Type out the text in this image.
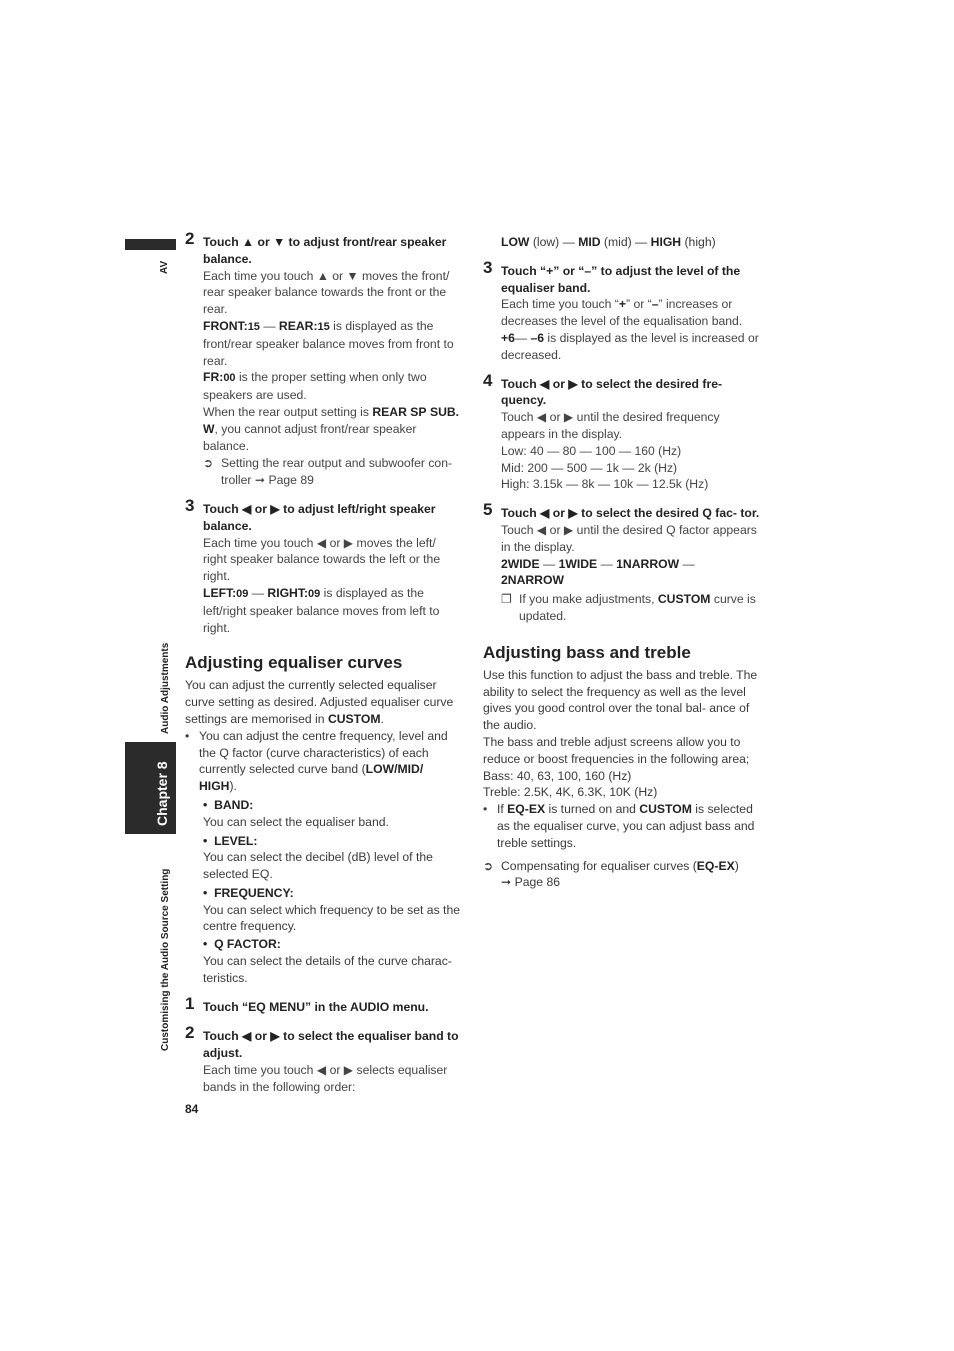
AV
Audio Adjustments
Chapter 8
Customising the Audio Source Setting
2 Touch ▲ or ▼ to adjust front/rear speaker balance.
Each time you touch ▲ or ▼ moves the front/ rear speaker balance towards the front or the rear.
FRONT:15 — REAR:15 is displayed as the front/rear speaker balance moves from front to rear.
FR:00 is the proper setting when only two speakers are used.
When the rear output setting is REAR SP SUB. W, you cannot adjust front/rear speaker balance.
➲ Setting the rear output and subwoofer con- troller ➞ Page 89
3 Touch ◀ or ▶ to adjust left/right speaker balance.
Each time you touch ◀ or ▶ moves the left/ right speaker balance towards the left or the right.
LEFT:09 — RIGHT:09 is displayed as the left/right speaker balance moves from left to right.
Adjusting equaliser curves
You can adjust the currently selected equaliser curve setting as desired. Adjusted equaliser curve settings are memorised in CUSTOM.
• You can adjust the centre frequency, level and the Q factor (curve characteristics) of each currently selected curve band (LOW/MID/ HIGH).
• BAND:
You can select the equaliser band.
• LEVEL:
You can select the decibel (dB) level of the selected EQ.
• FREQUENCY:
You can select which frequency to be set as the centre frequency.
• Q FACTOR:
You can select the details of the curve charac- teristics.
1 Touch “EQ MENU” in the AUDIO menu.
2 Touch ◀ or ▶ to select the equaliser band to adjust.
Each time you touch ◀ or ▶ selects equaliser bands in the following order:
LOW (low) — MID (mid) — HIGH (high)
3 Touch “+” or “–” to adjust the level of the equaliser band.
Each time you touch “+” or “–” increases or decreases the level of the equalisation band.
+6— –6 is displayed as the level is increased or decreased.
4 Touch ◀ or ▶ to select the desired fre- quency.
Touch ◀ or ▶ until the desired frequency appears in the display.
Low: 40 — 80 — 100 — 160 (Hz)
Mid: 200 — 500 — 1k — 2k (Hz)
High: 3.15k — 8k — 10k — 12.5k (Hz)
5 Touch ◀ or ▶ to select the desired Q fac- tor.
Touch ◀ or ▶ until the desired Q factor appears in the display.
2WIDE — 1WIDE — 1NARROW —
2NARROW
❐ If you make adjustments, CUSTOM curve is updated.
Adjusting bass and treble
Use this function to adjust the bass and treble. The ability to select the frequency as well as the level gives you good control over the tonal bal- ance of the audio.
The bass and treble adjust screens allow you to reduce or boost frequencies in the following area;
Bass: 40, 63, 100, 160 (Hz)
Treble: 2.5K, 4K, 6.3K, 10K (Hz)
• If EQ-EX is turned on and CUSTOM is selected as the equaliser curve, you can adjust bass and treble settings.
➲ Compensating for equaliser curves (EQ-EX)
➞ Page 86
84
